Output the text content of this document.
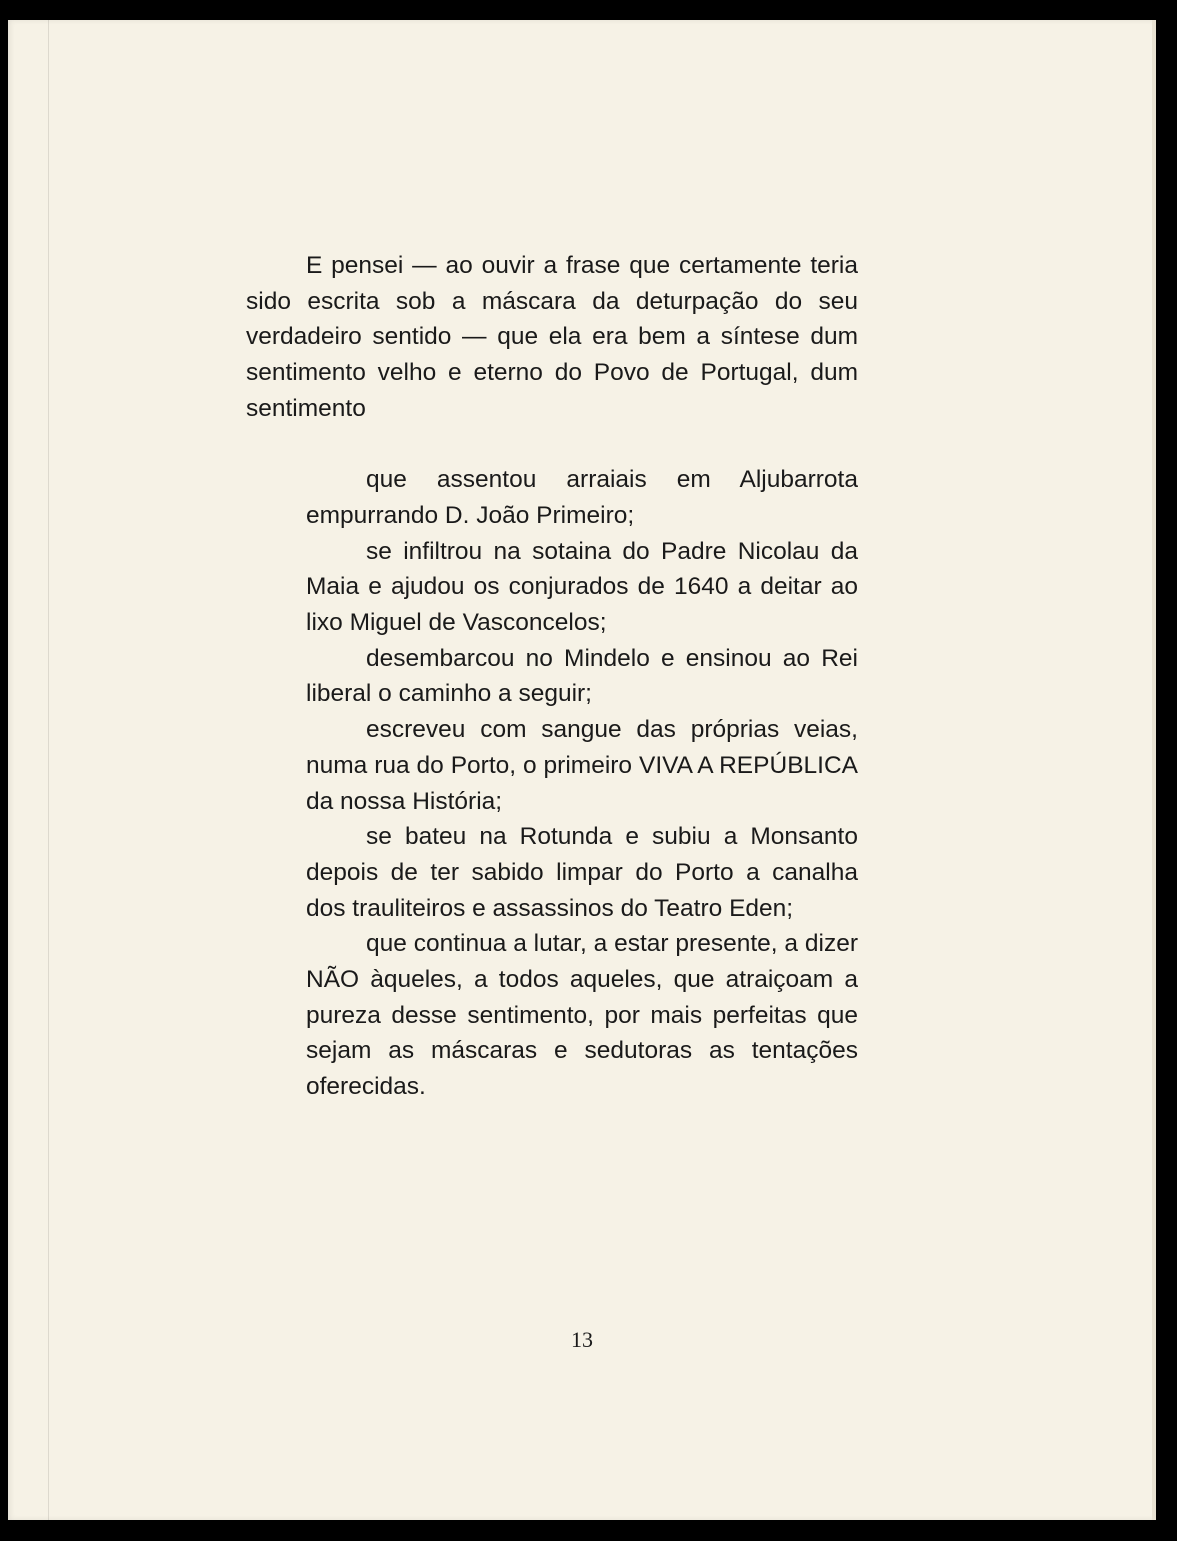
E pensei — ao ouvir a frase que certamente teria sido escrita sob a máscara da deturpação do seu verdadeiro sentido — que ela era bem a síntese dum sentimento velho e eterno do Povo de Portugal, dum sentimento

que assentou arraiais em Aljubarrota empurrando D. João Primeiro;

se infiltrou na sotaina do Padre Nicolau da Maia e ajudou os conjurados de 1640 a deitar ao lixo Miguel de Vasconcelos;

desembarcou no Mindelo e ensinou ao Rei liberal o caminho a seguir;

escreveu com sangue das próprias veias, numa rua do Porto, o primeiro VIVA A REPÚBLICA da nossa História;

se bateu na Rotunda e subiu a Monsanto depois de ter sabido limpar do Porto a canalha dos trauliteiros e assassinos do Teatro Eden;

que continua a lutar, a estar presente, a dizer NÃO àqueles, a todos aqueles, que atraiçoam a pureza desse sentimento, por mais perfeitas que sejam as máscaras e sedutoras as tentações oferecidas.

13
